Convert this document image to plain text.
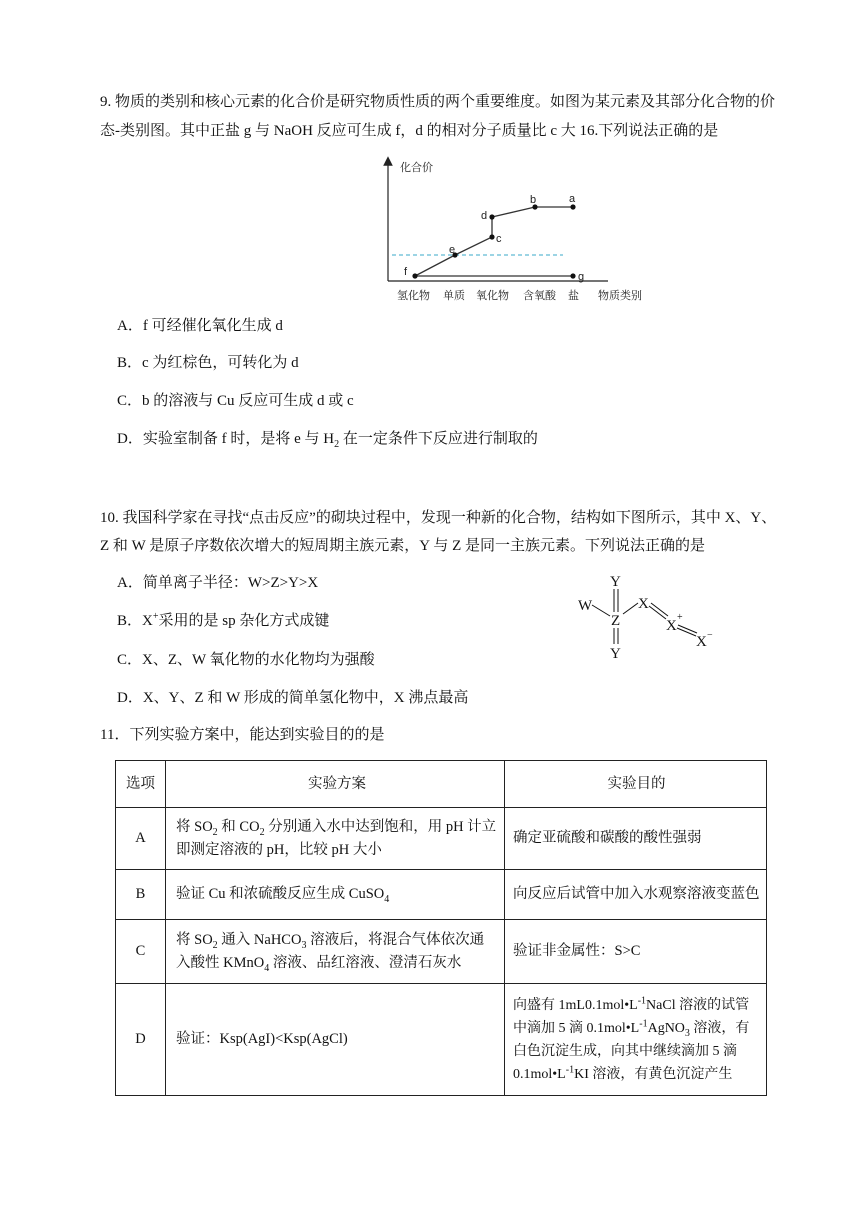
9. 物质的类别和核心元素的化合价是研究物质性质的两个重要维度。如图为某元素及其部分化合物的价
态-类别图。其中正盐 g 与 NaOH 反应可生成 f，d 的相对分子质量比 c 大 16.下列说法正确的是
化合价
f
e
c
d
b	a
g
氢化物 单质 氧化物 含氧酸 盐 物质类别
A．f 可经催化氧化生成 d
B．c 为红棕色，可转化为 d
C．b 的溶液与 Cu 反应可生成 d 或 c
D．实验室制备 f 时，是将 e 与 $H_2$ 在一定条件下反应进行制取的
10. 我国科学家在寻找“点击反应”的砌块过程中，发现一种新的化合物，结构如下图所示，其中 X、Y、
Z 和 W 是原子序数依次增大的短周期主族元素，Y 与 Z 是同一主族元素。下列说法正确的是
A．简单离子半径：W>Z>Y>X
B．X+采用的是 sp 杂化方式成键
C．X、Z、W 氧化物的水化物均为强酸
D．X、Y、Z 和 W 形成的简单氢化物中，X 沸点最高
Y
W
Z
Y
X
X
+
X −
11．下列实验方案中，能达到实验目的的是
选项	实验方案	实验目的
A	将 $SO_2$ 和 $CO_2$ 分别通入水中达到饱和，用 pH 计立即测定溶液的 pH，比较 pH 大小	确定亚硫酸和碳酸的酸性强弱
B	验证 Cu 和浓硫酸反应生成 CuSO$_4$	向反应后试管中加入水观察溶液变蓝色
C	将 $SO_2$ 通入 NaHCO$_3$ 溶液后，将混合气体依次通入酸性 KMnO$_4$ 溶液、品红溶液、澄清石灰水	验证非金属性：S>C
D	验证：Ksp(AgI)<Ksp(AgCl)	向盛有 $1mL0.1mol•L^{-1}NaCl$ 溶液的试管中滴加 5 滴 $0.1mol•L^{-1}AgNO_3$ 溶液，有白色沉淀生成，向其中继续滴加 5 滴 $0.1mol•L^{-1}KI$ 溶液，有黄色沉淀产生
